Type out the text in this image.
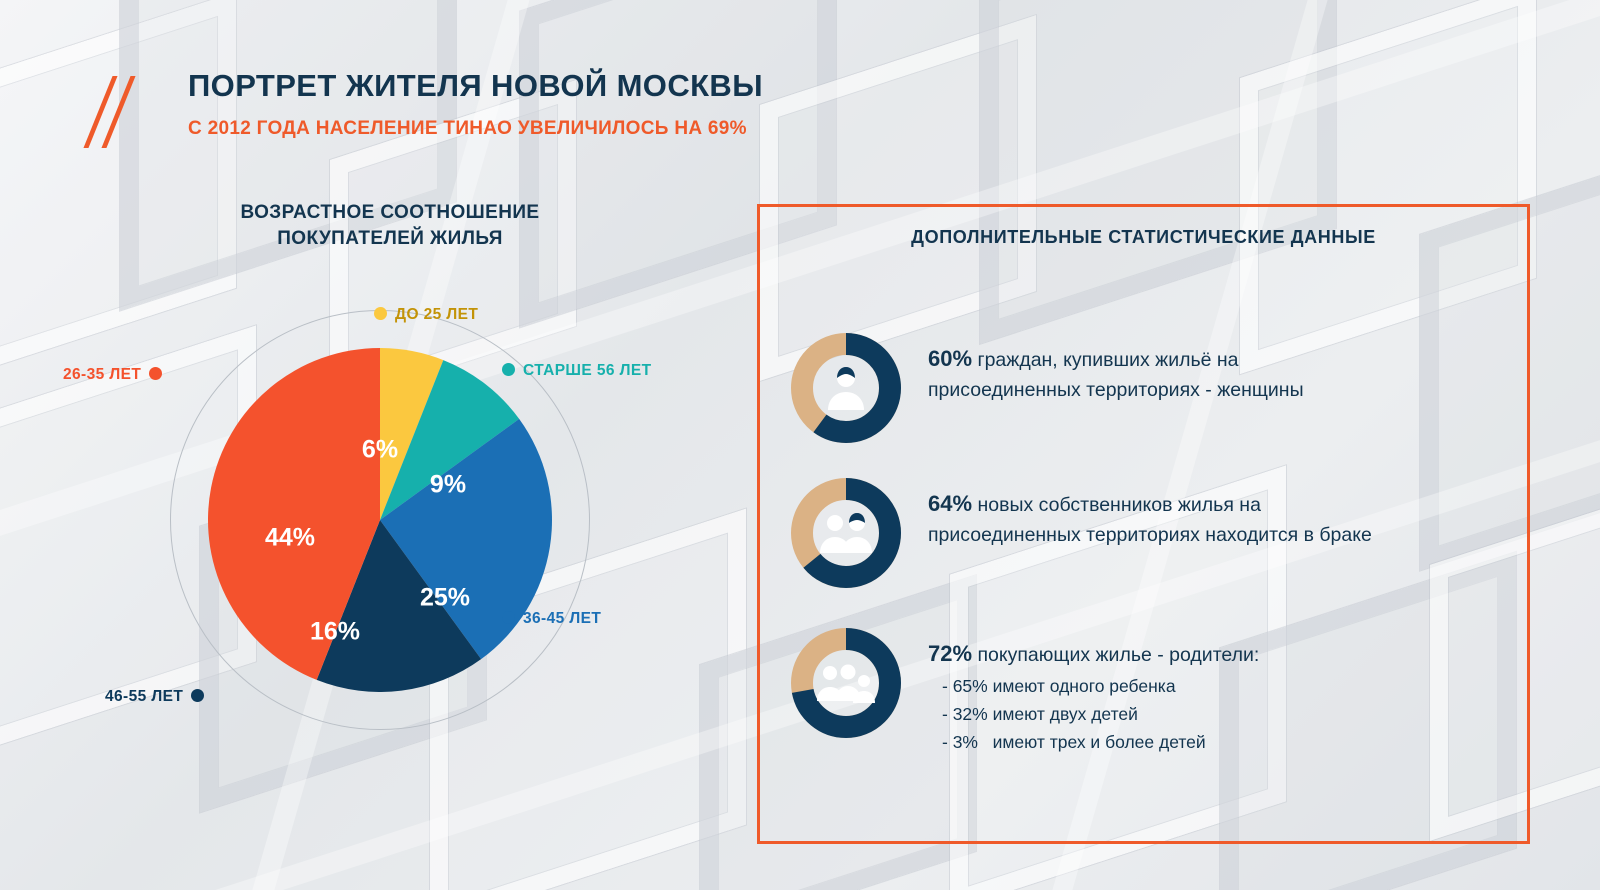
ПОРТРЕТ ЖИТЕЛЯ НОВОЙ МОСКВЫ
С 2012 ГОДА НАСЕЛЕНИЕ ТИНАО УВЕЛИЧИЛОСЬ НА 69%
ВОЗРАСТНОЕ СООТНОШЕНИЕ
ПОКУПАТЕЛЕЙ ЖИЛЬЯ
6%
9%
25%
16%
44%
ДО 25 ЛЕТ
СТАРШЕ 56 ЛЕТ
36-45 ЛЕТ
46-55 ЛЕТ
26-35 ЛЕТ
ДОПОЛНИТЕЛЬНЫЕ СТАТИСТИЧЕСКИЕ ДАННЫЕ
60% граждан, купивших жильё на
присоединенных территориях - женщины
64% новых собственников жилья на
присоединенных территориях находится в браке
72% покупающих жилье - родители:
- 65% имеют одного ребенка
- 32% имеют двух детей
- 3%   имеют трех и более детей
